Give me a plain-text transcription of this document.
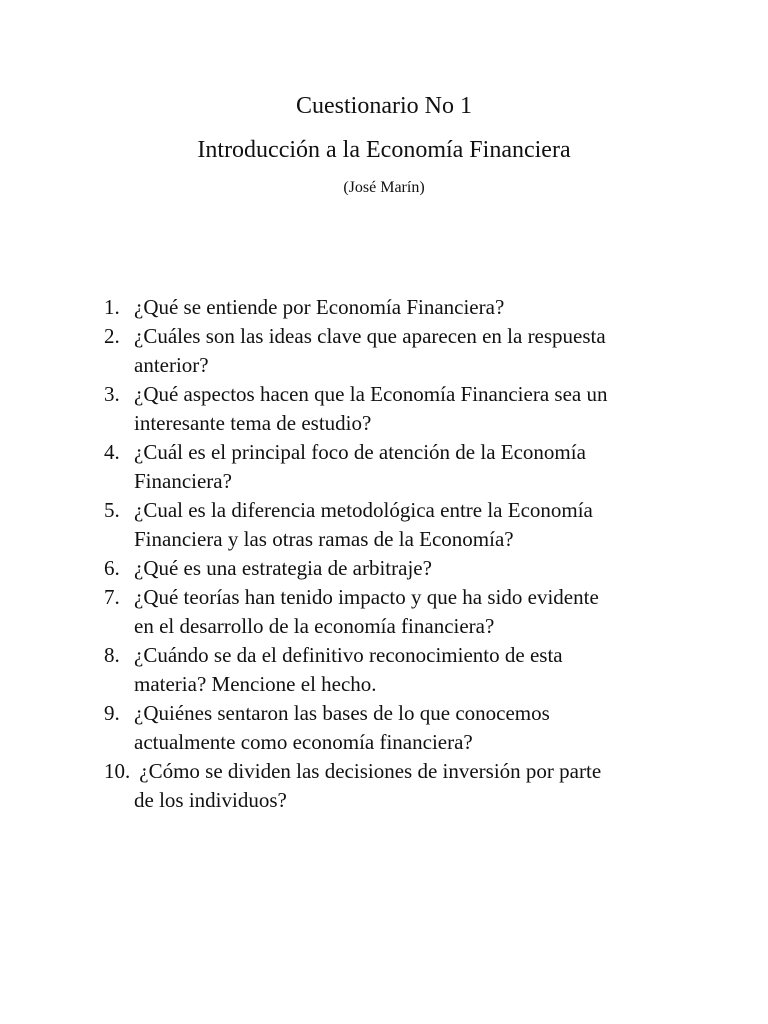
Cuestionario No 1
Introducción a la Economía Financiera
(José Marín)
1. ¿Qué se entiende por Economía Financiera?
2. ¿Cuáles son las ideas clave que aparecen en la respuesta
anterior?
3. ¿Qué aspectos hacen que la Economía Financiera sea un
interesante tema de estudio?
4. ¿Cuál es el principal foco de atención de la Economía
Financiera?
5. ¿Cual es la diferencia metodológica entre la Economía
Financiera y las otras ramas de la Economía?
6. ¿Qué es una estrategia de arbitraje?
7. ¿Qué teorías han tenido impacto y que ha sido evidente
en el desarrollo de la economía financiera?
8. ¿Cuándo se da el definitivo reconocimiento de esta
materia? Mencione el hecho.
9. ¿Quiénes sentaron las bases de lo que conocemos
actualmente como economía financiera?
10. ¿Cómo se dividen las decisiones de inversión por parte
de los individuos?
